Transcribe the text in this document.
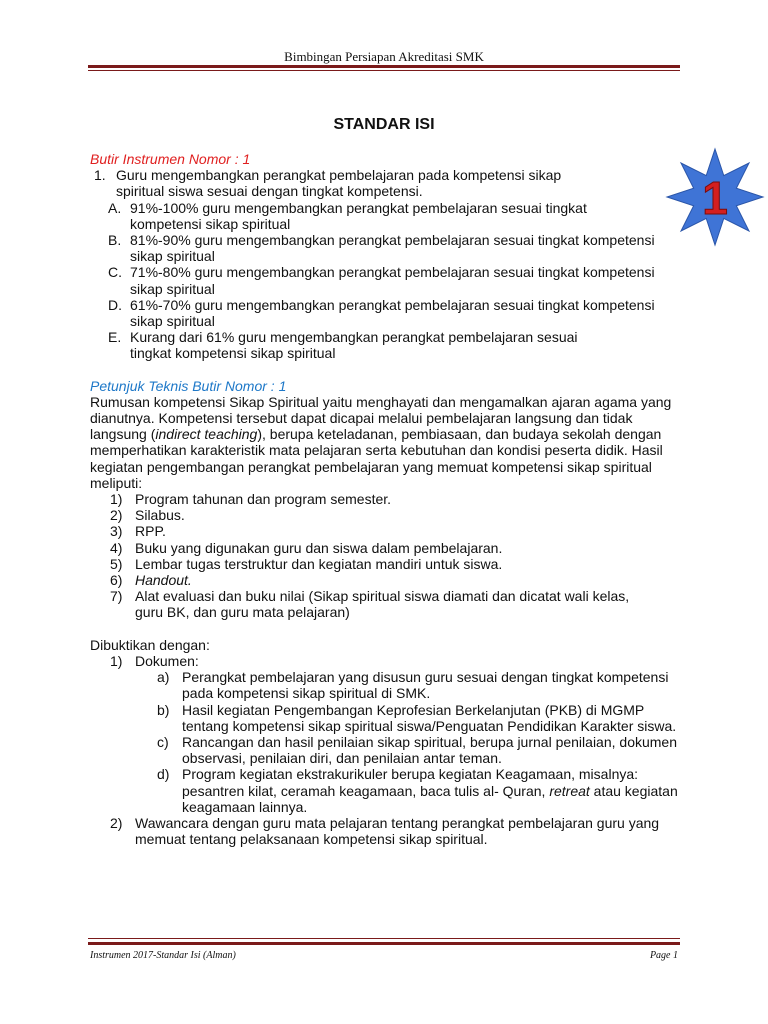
Bimbingan Persiapan Akreditasi SMK
STANDAR ISI
1

Butir Instrumen Nomor : 1

1. Guru mengembangkan perangkat pembelajaran pada kompetensi sikap spiritual siswa sesuai dengan tingkat kompetensi.
A. 91%-100% guru mengembangkan perangkat pembelajaran sesuai tingkat kompetensi sikap spiritual
B. 81%-90% guru mengembangkan perangkat pembelajaran sesuai tingkat kompetensi sikap spiritual
C. 71%-80% guru mengembangkan perangkat pembelajaran sesuai tingkat kompetensi sikap spiritual
D. 61%-70% guru mengembangkan perangkat pembelajaran sesuai tingkat kompetensi sikap spiritual
E. Kurang dari 61% guru mengembangkan perangkat pembelajaran sesuai tingkat kompetensi sikap spiritual

Petunjuk Teknis Butir Nomor : 1

Rumusan kompetensi Sikap Spiritual yaitu menghayati dan mengamalkan ajaran agama yang dianutnya. Kompetensi tersebut dapat dicapai melalui pembelajaran langsung dan tidak langsung (indirect teaching), berupa keteladanan, pembiasaan, dan budaya sekolah dengan memperhatikan karakteristik mata pelajaran serta kebutuhan dan kondisi peserta didik. Hasil kegiatan pengembangan perangkat pembelajaran yang memuat kompetensi sikap spiritual meliputi:

1) Program tahunan dan program semester.
2) Silabus.
3) RPP.
4) Buku yang digunakan guru dan siswa dalam pembelajaran.
5) Lembar tugas terstruktur dan kegiatan mandiri untuk siswa.
6) Handout.
7) Alat evaluasi dan buku nilai (Sikap spiritual siswa diamati dan dicatat wali kelas, guru BK, dan guru mata pelajaran)

Dibuktikan dengan:

1) Dokumen:
a) Perangkat pembelajaran yang disusun guru sesuai dengan tingkat kompetensi pada kompetensi sikap spiritual di SMK.
b) Hasil kegiatan Pengembangan Keprofesian Berkelanjutan (PKB) di MGMP tentang kompetensi sikap spiritual siswa/Penguatan Pendidikan Karakter siswa.
c) Rancangan dan hasil penilaian sikap spiritual, berupa jurnal penilaian, dokumen observasi, penilaian diri, dan penilaian antar teman.
d) Program kegiatan ekstrakurikuler berupa kegiatan Keagamaan, misalnya: pesantren kilat, ceramah keagamaan, baca tulis al- Quran, retreat atau kegiatan keagamaan lainnya.
2) Wawancara dengan guru mata pelajaran tentang perangkat pembelajaran guru yang memuat tentang pelaksanaan kompetensi sikap spiritual.
Instrumen 2017-Standar Isi (Alman)	Page 1
